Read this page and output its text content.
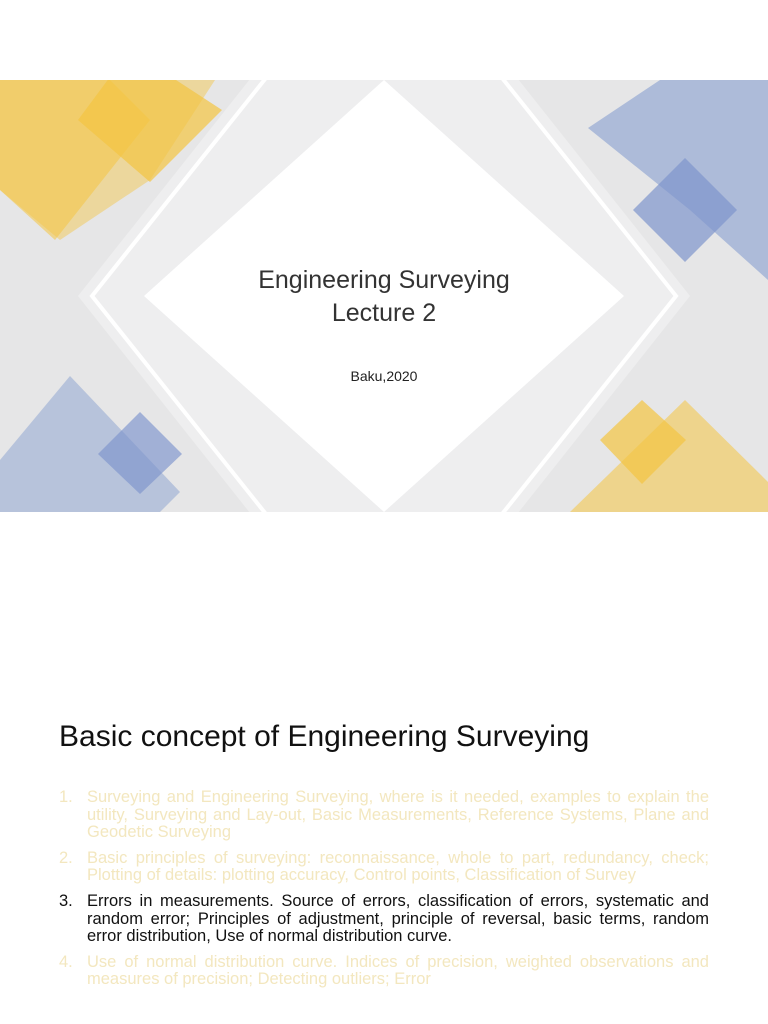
Engineering Surveying
Lecture 2
Baku,2020
Basic concept of Engineering Surveying
1. Surveying and Engineering Surveying, where is it needed, examples to explain the utility, Surveying and Lay-out, Basic Measurements, Reference Systems, Plane and Geodetic Surveying
2. Basic principles of surveying: reconnaissance, whole to part, redundancy, check; Plotting of details: plotting accuracy, Control points, Classification of Survey
3. Errors in measurements. Source of errors, classification of errors, systematic and random error; Principles of adjustment, principle of reversal, basic terms, random error distribution, Use of normal distribution curve.
4. Use of normal distribution curve. Indices of precision, weighted observations and measures of precision; Detecting outliers; Error
